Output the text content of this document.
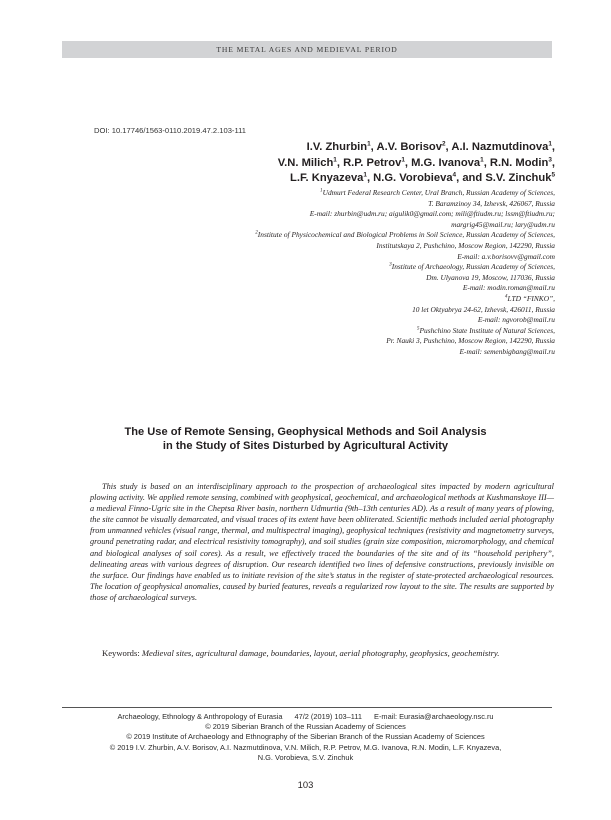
THE METAL AGES AND MEDIEVAL PERIOD
DOI: 10.17746/1563-0110.2019.47.2.103-111
I.V. Zhurbin$^1$, A.V. Borisov$^2$, A.I. Nazmutdinova$^1$,
V.N. Milich$^1$, R.P. Petrov$^1$, M.G. Ivanova$^1$, R.N. Modin$^3$,
L.F. Knyazeva$^1$, N.G. Vorobieva$^4$, and S.V. Zinchuk$^5$
$^1$Udmurt Federal Research Center, Ural Branch, Russian Academy of Sciences,
T. Baramzinoy 34, Izhevsk, 426067, Russia
E-mail: zhurbin@udm.ru; aigulik0@gmail.com; mili@ftiudm.ru; lssm@ftiudm.ru;
margrig45@mail.ru; lary@udm.ru
$^2$Institute of Physicochemical and Biological Problems in Soil Science, Russian Academy of Sciences,
Institutskaya 2, Pushchino, Moscow Region, 142290, Russia
E-mail: a.v.borisovv@gmail.com
$^3$Institute of Archaeology, Russian Academy of Sciences,
Dm. Ulyanova 19, Moscow, 117036, Russia
E-mail: modin.roman@mail.ru
$^4$LTD “FINKO”,
10 let Oktyabrya 24-62, Izhevsk, 426011, Russia
E-mail: ngvorob@mail.ru
$^5$Pushchino State Institute of Natural Sciences,
Pr. Nauki 3, Pushchino, Moscow Region, 142290, Russia
E-mail: semenbigbang@mail.ru
The Use of Remote Sensing, Geophysical Methods and Soil Analysis
in the Study of Sites Disturbed by Agricultural Activity
This study is based on an interdisciplinary approach to the prospection of archaeological sites impacted by modern agricultural plowing activity. We applied remote sensing, combined with geophysical, geochemical, and archaeological methods at Kushmanskoye III—a medieval Finno-Ugric site in the Cheptsa River basin, northern Udmurtia (9th–13th centuries AD). As a result of many years of plowing, the site cannot be visually demarcated, and visual traces of its extent have been obliterated. Scientific methods included aerial photography from unmanned vehicles (visual range, thermal, and multispectral imaging), geophysical techniques (resistivity and magnetometry surveys, ground penetrating radar, and electrical resistivity tomography), and soil studies (grain size composition, micromorphology, and chemical and biological analyses of soil cores). As a result, we effectively traced the boundaries of the site and of its “household periphery”, delineating areas with various degrees of disruption. Our research identified two lines of defensive constructions, previously invisible on the surface. Our findings have enabled us to initiate revision of the site’s status in the register of state-protected archaeological resources. The location of geophysical anomalies, caused by buried features, reveals a regularized row layout to the site. The results are supported by those of archaeological surveys.
Keywords: Medieval sites, agricultural damage, boundaries, layout, aerial photography, geophysics, geochemistry.
Archaeology, Ethnology & Anthropology of Eurasia 47/2 (2019) 103–111 E-mail: Eurasia@archaeology.nsc.ru
© 2019 Siberian Branch of the Russian Academy of Sciences
© 2019 Institute of Archaeology and Ethnography of the Siberian Branch of the Russian Academy of Sciences
© 2019 I.V. Zhurbin, A.V. Borisov, A.I. Nazmutdinova, V.N. Milich, R.P. Petrov, M.G. Ivanova, R.N. Modin, L.F. Knyazeva,
N.G. Vorobieva, S.V. Zinchuk
103
